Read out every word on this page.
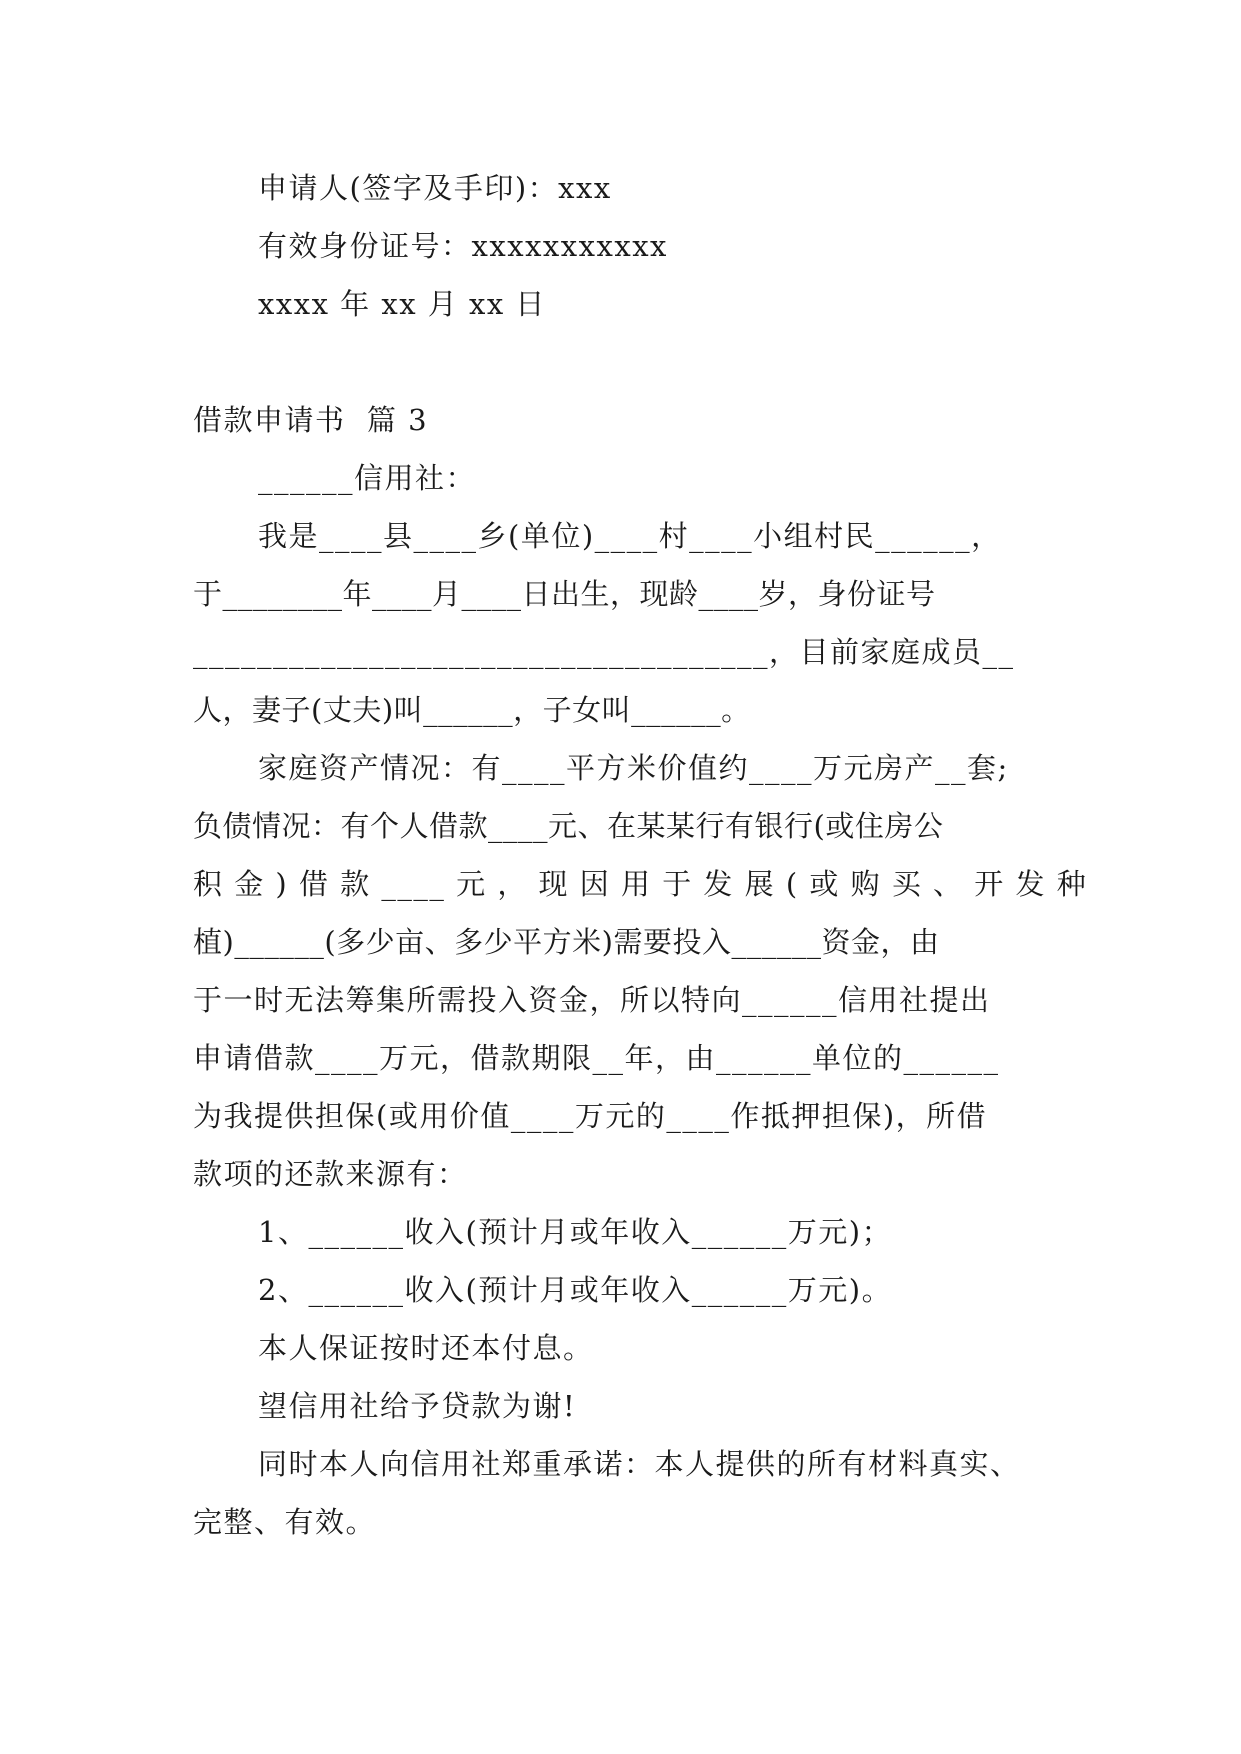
申请人(签字及手印)：xxx
有效身份证号：xxxxxxxxxxx
xxxx 年 xx 月 xx 日
借款申请书  篇 3
______信用社：
我是____县____乡(单位)____村____小组村民______，
于________年____月____日出生，现龄____岁，身份证号
____________________________________，目前家庭成员__
人，妻子(丈夫)叫______，子女叫______。
家庭资产情况：有____平方米价值约____万元房产__套;
负债情况：有个人借款____元、在某某行有银行(或住房公
积 金 ) 借 款 ____ 元 ， 现 因 用 于 发 展 ( 或 购 买 、 开 发 种
植)______(多少亩、多少平方米)需要投入______资金，由
于一时无法筹集所需投入资金，所以特向______信用社提出
申请借款____万元，借款期限__年，由______单位的______
为我提供担保(或用价值____万元的____作抵押担保)，所借
款项的还款来源有：
1、______收入(预计月或年收入______万元)；
2、______收入(预计月或年收入______万元)。
本人保证按时还本付息。
望信用社给予贷款为谢!
同时本人向信用社郑重承诺：本人提供的所有材料真实、
完整、有效。
